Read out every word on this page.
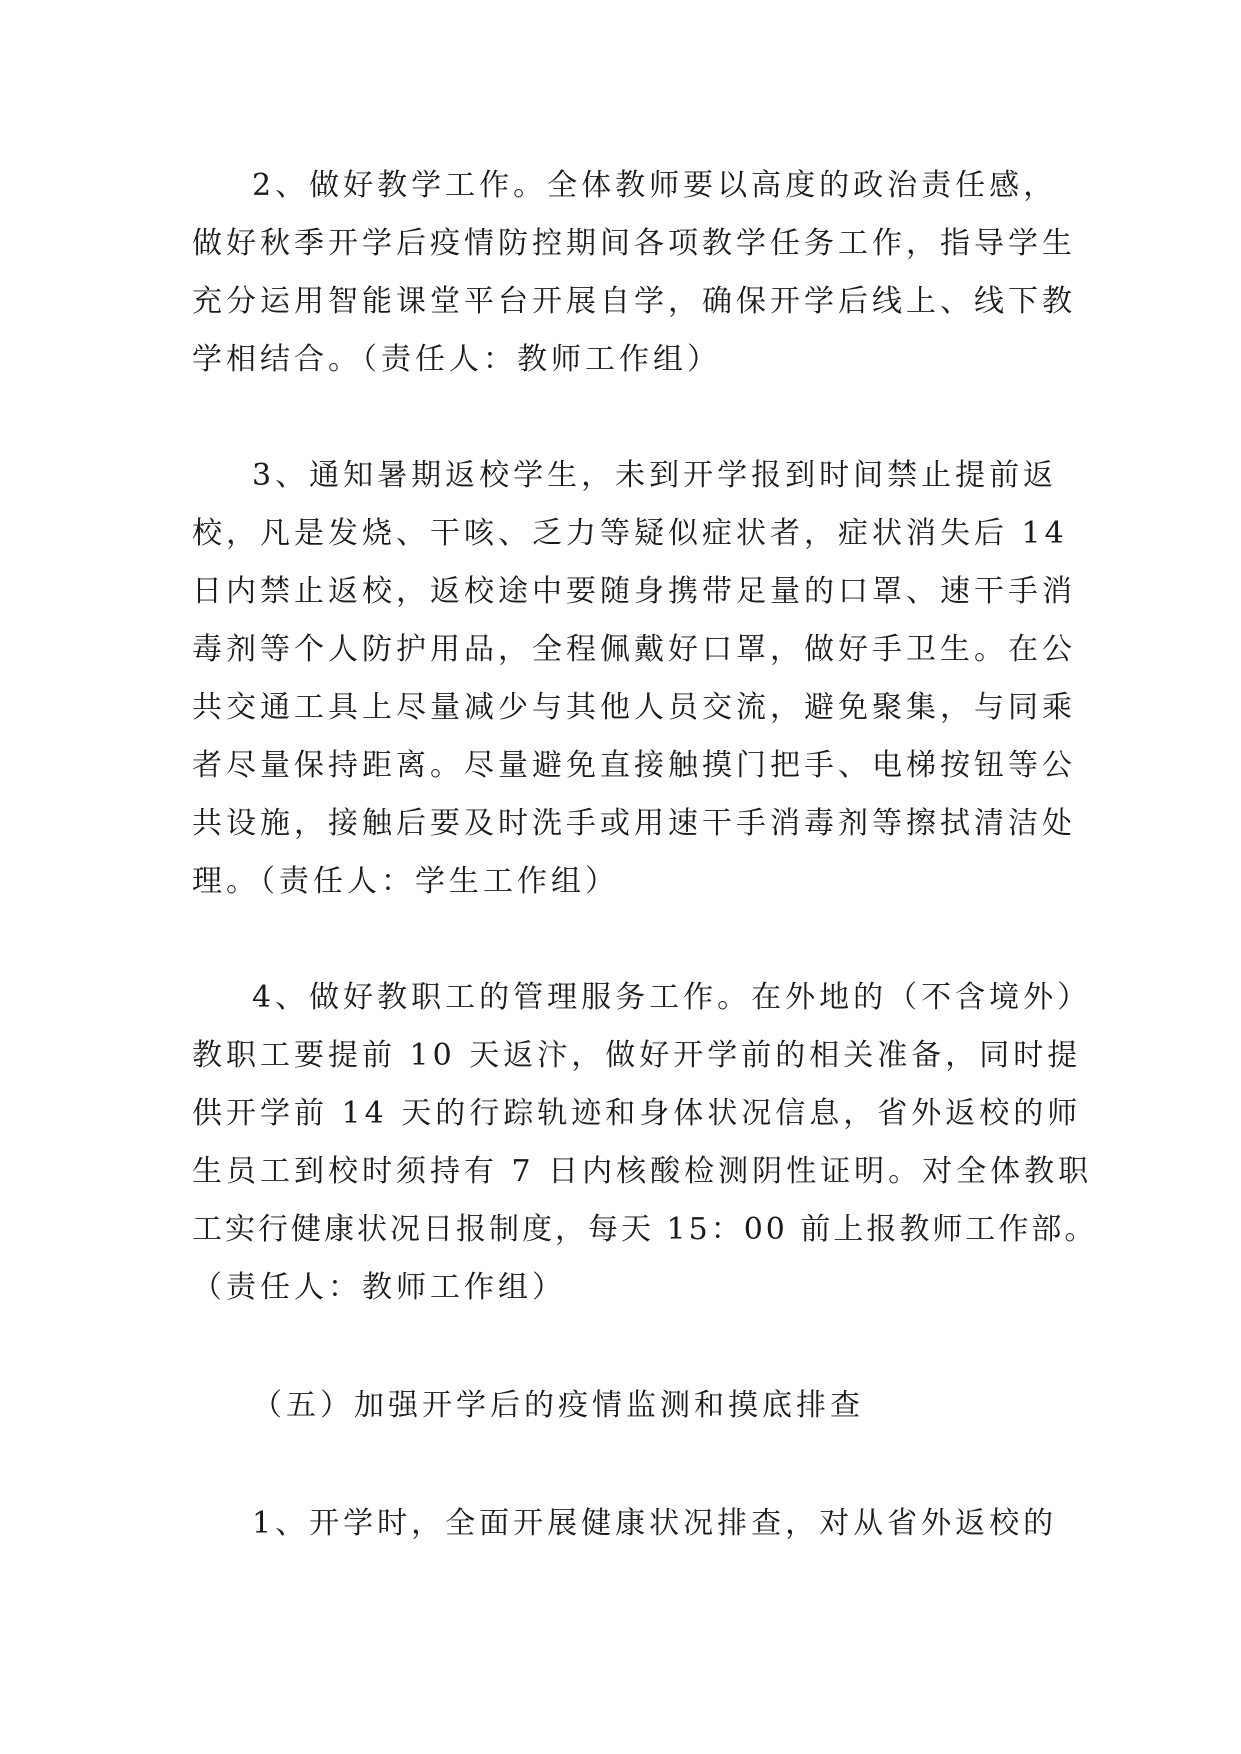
2、做好教学工作。全体教师要以高度的政治责任感，
做好秋季开学后疫情防控期间各项教学任务工作，指导学生
充分运用智能课堂平台开展自学，确保开学后线上、线下教
学相结合。（责任人：教师工作组）
3、通知暑期返校学生，未到开学报到时间禁止提前返
校，凡是发烧、干咳、乏力等疑似症状者，症状消失后 14
日内禁止返校，返校途中要随身携带足量的口罩、速干手消
毒剂等个人防护用品，全程佩戴好口罩，做好手卫生。在公
共交通工具上尽量减少与其他人员交流，避免聚集，与同乘
者尽量保持距离。尽量避免直接触摸门把手、电梯按钮等公
共设施，接触后要及时洗手或用速干手消毒剂等擦拭清洁处
理。（责任人：学生工作组）
4、做好教职工的管理服务工作。在外地的（不含境外）
教职工要提前 10 天返汴，做好开学前的相关准备，同时提
供开学前 14 天的行踪轨迹和身体状况信息，省外返校的师
生员工到校时须持有 7 日内核酸检测阴性证明。对全体教职
工实行健康状况日报制度，每天 15：00 前上报教师工作部。
（责任人：教师工作组）
（五）加强开学后的疫情监测和摸底排查
1、开学时，全面开展健康状况排查，对从省外返校的
